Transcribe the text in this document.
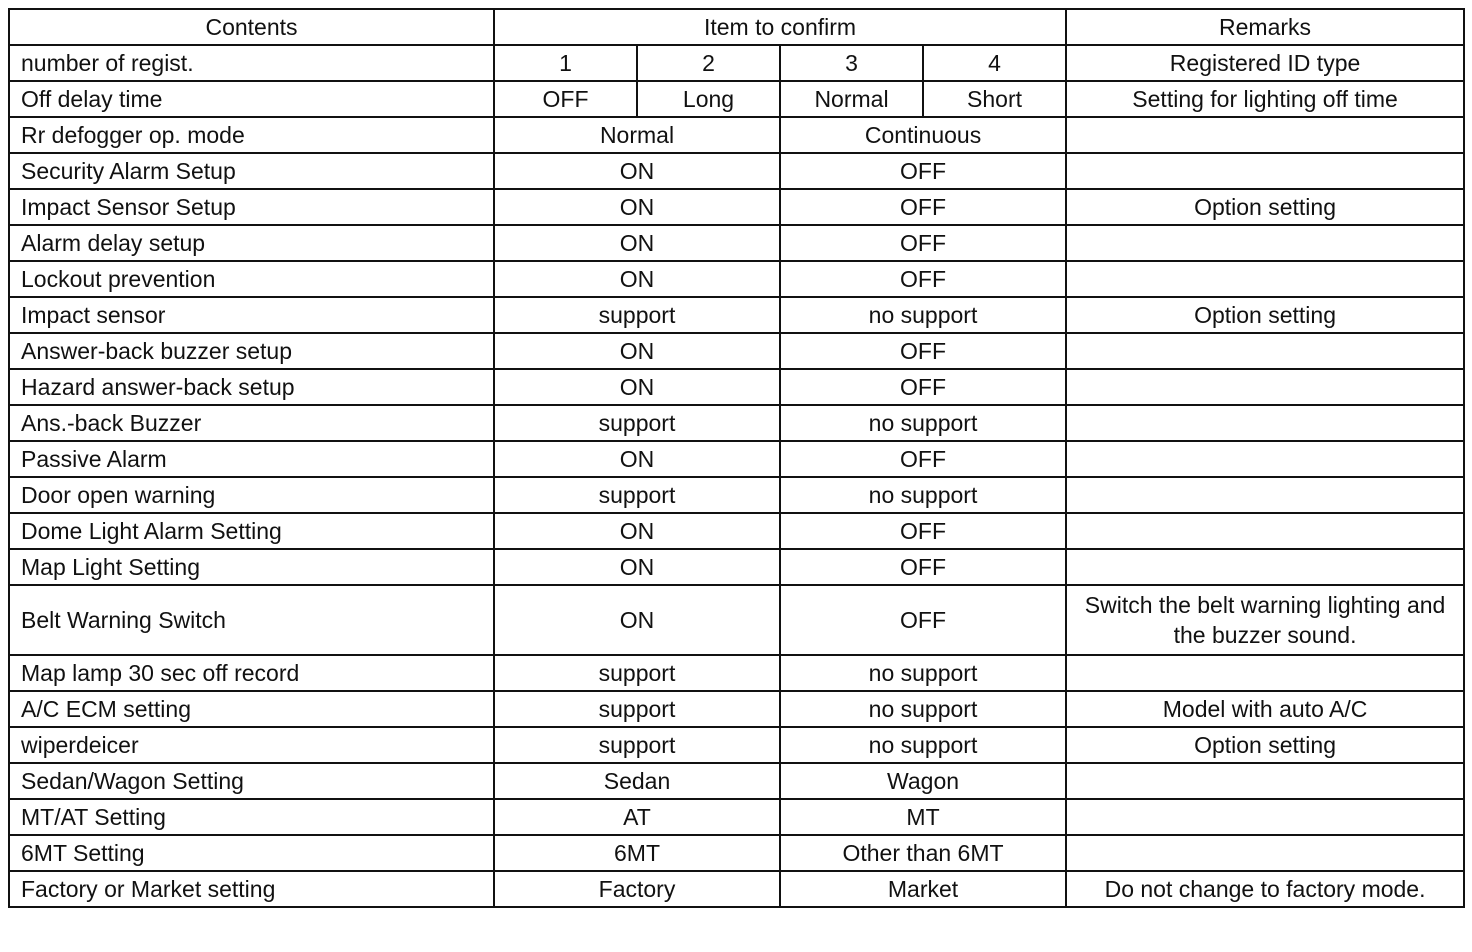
Contents	Item to confirm				Remarks
number of regist.	1	2	3	4	Registered ID type
Off delay time	OFF	Long	Normal	Short	Setting for lighting off time
Rr defogger op. mode	Normal		Continuous		
Security Alarm Setup	ON		OFF		
Impact Sensor Setup	ON		OFF		Option setting
Alarm delay setup	ON		OFF		
Lockout prevention	ON		OFF		
Impact sensor	support		no support		Option setting
Answer-back buzzer setup	ON		OFF		
Hazard answer-back setup	ON		OFF		
Ans.-back Buzzer	support		no support		
Passive Alarm	ON		OFF		
Door open warning	support		no support		
Dome Light Alarm Setting	ON		OFF		
Map Light Setting	ON		OFF		
Belt Warning Switch	ON		OFF		Switch the belt warning lighting and the buzzer sound.
Map lamp 30 sec off record	support		no support		
A/C ECM setting	support		no support		Model with auto A/C
wiperdeicer	support		no support		Option setting
Sedan/Wagon Setting	Sedan		Wagon		
MT/AT Setting	AT		MT		
6MT Setting	6MT		Other than 6MT		
Factory or Market setting	Factory		Market		Do not change to factory mode.
